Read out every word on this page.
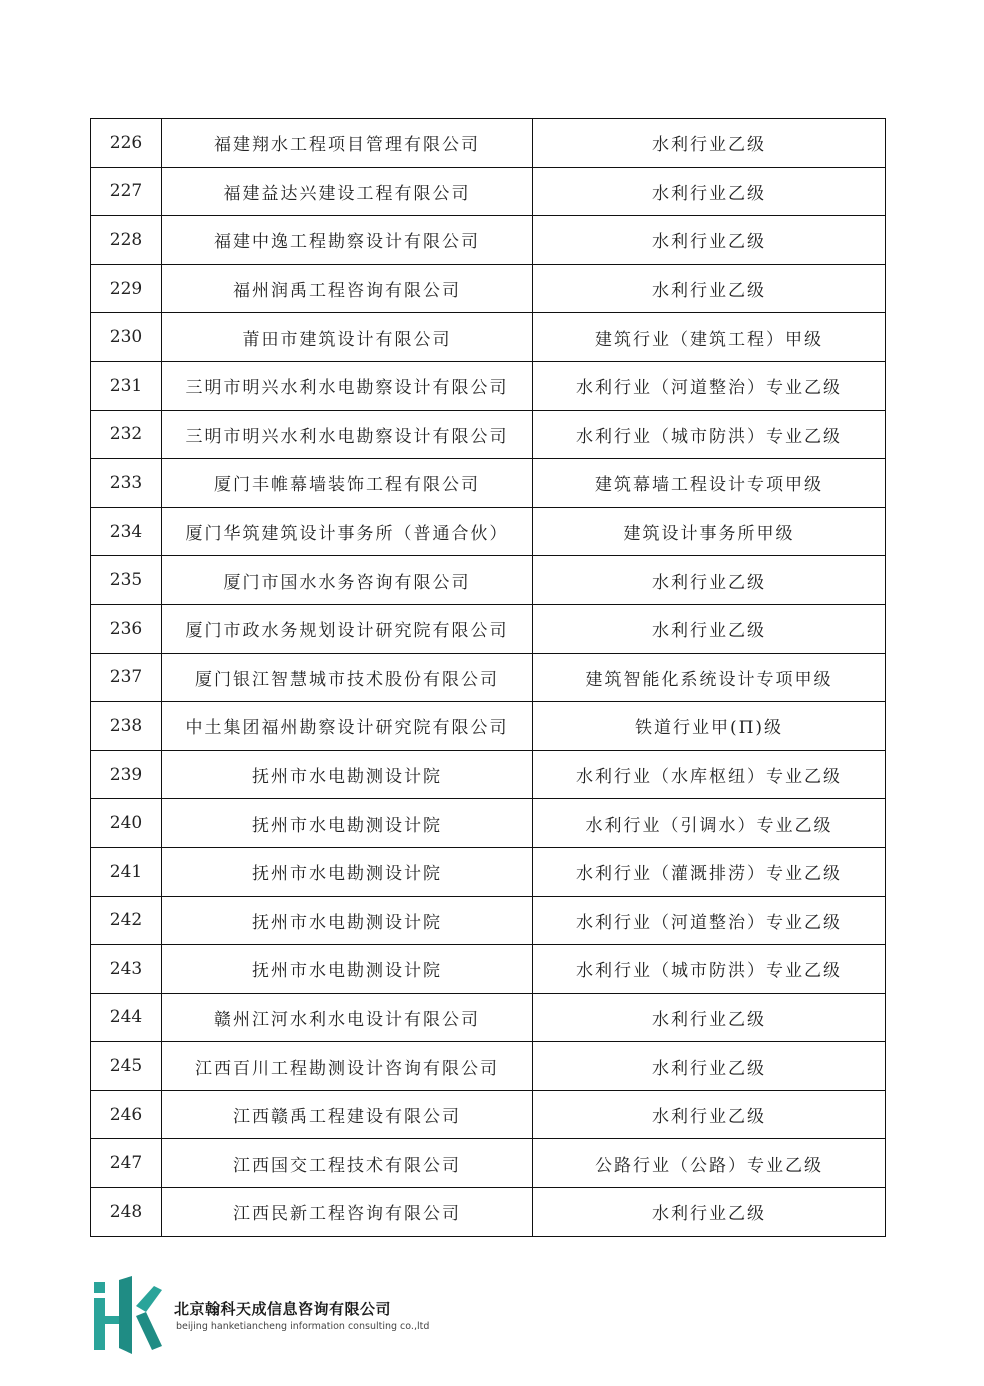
226	福建翔水工程项目管理有限公司	水利行业乙级
227	福建益达兴建设工程有限公司	水利行业乙级
228	福建中逸工程勘察设计有限公司	水利行业乙级
229	福州润禹工程咨询有限公司	水利行业乙级
230	莆田市建筑设计有限公司	建筑行业（建筑工程）甲级
231	三明市明兴水利水电勘察设计有限公司	水利行业（河道整治）专业乙级
232	三明市明兴水利水电勘察设计有限公司	水利行业（城市防洪）专业乙级
233	厦门丰帷幕墙装饰工程有限公司	建筑幕墙工程设计专项甲级
234	厦门华筑建筑设计事务所（普通合伙）	建筑设计事务所甲级
235	厦门市国水水务咨询有限公司	水利行业乙级
236	厦门市政水务规划设计研究院有限公司	水利行业乙级
237	厦门银江智慧城市技术股份有限公司	建筑智能化系统设计专项甲级
238	中土集团福州勘察设计研究院有限公司	铁道行业甲(Π)级
239	抚州市水电勘测设计院	水利行业（水库枢纽）专业乙级
240	抚州市水电勘测设计院	水利行业（引调水）专业乙级
241	抚州市水电勘测设计院	水利行业（灌溉排涝）专业乙级
242	抚州市水电勘测设计院	水利行业（河道整治）专业乙级
243	抚州市水电勘测设计院	水利行业（城市防洪）专业乙级
244	赣州江河水利水电设计有限公司	水利行业乙级
245	江西百川工程勘测设计咨询有限公司	水利行业乙级
246	江西赣禹工程建设有限公司	水利行业乙级
247	江西国交工程技术有限公司	公路行业（公路）专业乙级
248	江西民新工程咨询有限公司	水利行业乙级
北京翰科天成信息咨询有限公司
beijing hanketiancheng information consulting co.,ltd
